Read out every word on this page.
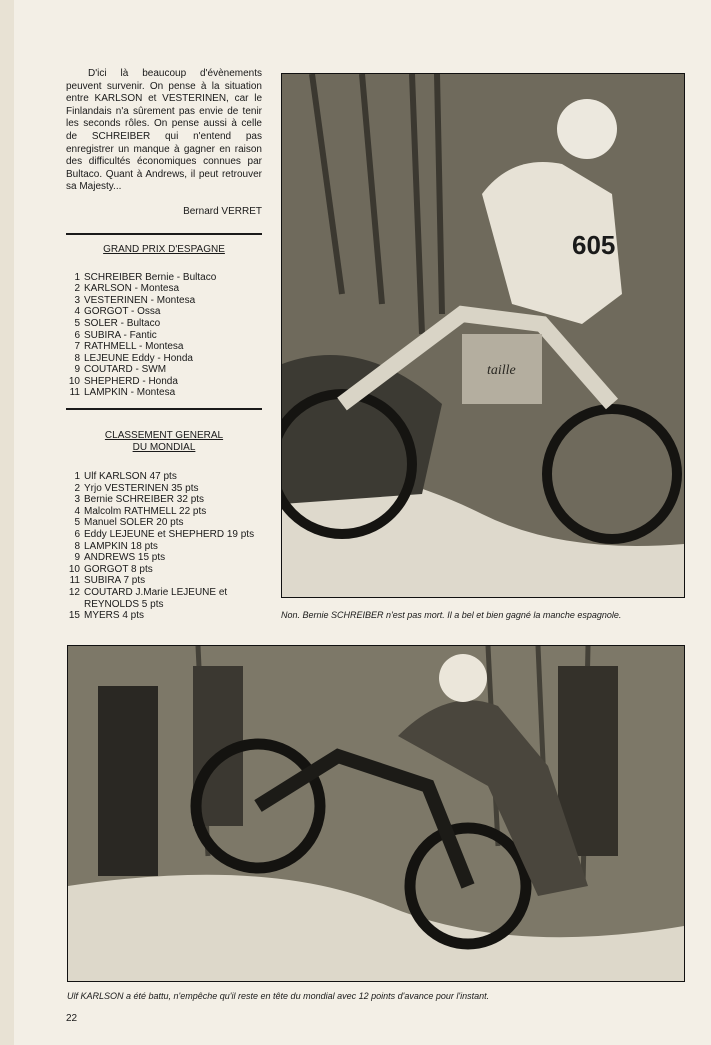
D'ici là beaucoup d'évènements peuvent survenir. On pense à la situation entre KARLSON et VESTERINEN, car le Finlandais n'a sûrement pas envie de tenir les seconds rôles. On pense aussi à celle de SCHREIBER qui n'entend pas enregistrer un manque à gagner en raison des difficultés économiques connues par Bultaco. Quant à Andrews, il peut retrouver sa Majesty...

Bernard VERRET

GRAND PRIX D'ESPAGNE

1 SCHREIBER Bernie - Bultaco
2 KARLSON - Montesa
3 VESTERINEN - Montesa
4 GORGOT - Ossa
5 SOLER - Bultaco
6 SUBIRA - Fantic
7 RATHMELL - Montesa
8 LEJEUNE Eddy - Honda
9 COUTARD - SWM
10 SHEPHERD - Honda
11 LAMPKIN - Montesa

CLASSEMENT GENERAL
DU MONDIAL

1 Ulf KARLSON 47 pts
2 Yrjo VESTERINEN 35 pts
3 Bernie SCHREIBER 32 pts
4 Malcolm RATHMELL 22 pts
5 Manuel SOLER 20 pts
6 Eddy LEJEUNE et SHEPHERD 19 pts
8 LAMPKIN 18 pts
9 ANDREWS 15 pts
10 GORGOT 8 pts
11 SUBIRA 7 pts
12 COUTARD J.Marie LEJEUNE et REYNOLDS 5 pts
15 MYERS 4 pts
605
taille
Non. Bernie SCHREIBER n'est pas mort. Il a bel et bien gagné la manche espagnole.
Ulf KARLSON a été battu, n'empêche qu'il reste en tête du mondial avec 12 points d'avance pour l'instant.
22
